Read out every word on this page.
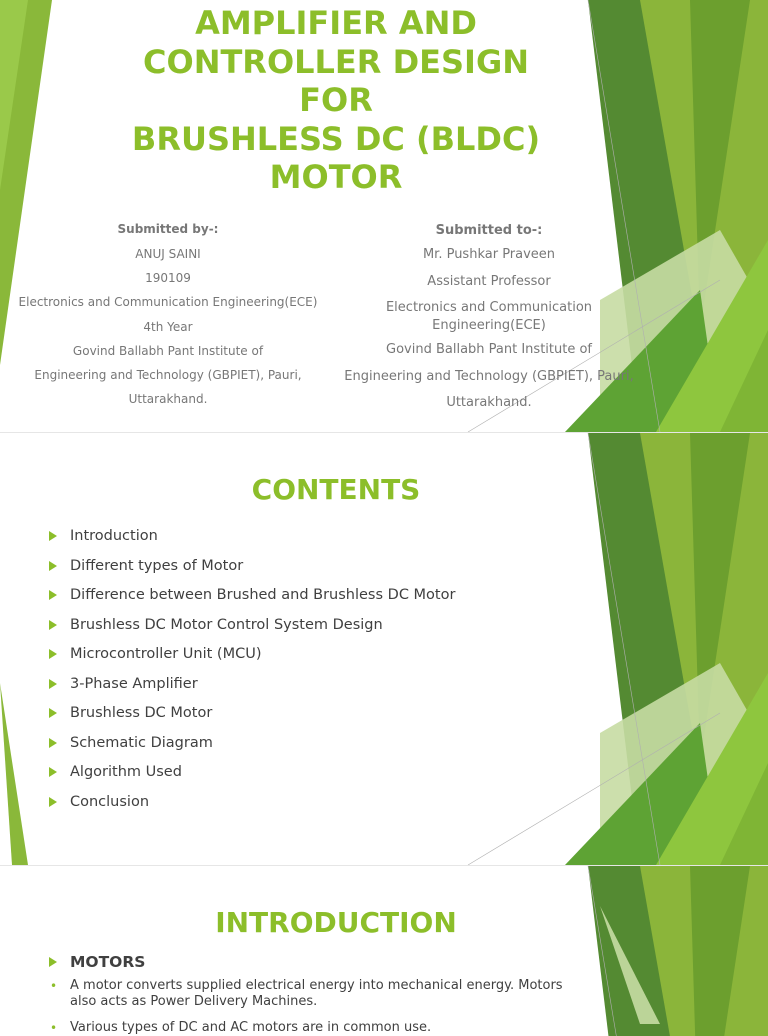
AMPLIFIER AND
CONTROLLER DESIGN
FOR
BRUSHLESS DC (BLDC)
MOTOR
Submitted by-:
ANUJ SAINI
190109
Electronics and Communication Engineering(ECE)
4th Year
Govind Ballabh Pant Institute of
Engineering and Technology (GBPIET), Pauri,
Uttarakhand.
Submitted to-:
Mr. Pushkar Praveen
Assistant Professor
Electronics and Communication Engineering(ECE)
Govind Ballabh Pant Institute of
Engineering and Technology (GBPIET), Pauri,
Uttarakhand.
CONTENTS
Introduction
Different types of Motor
Difference between Brushed and Brushless DC Motor
Brushless DC Motor Control System Design
Microcontroller Unit (MCU)
3-Phase Amplifier
Brushless DC Motor
Schematic Diagram
Algorithm Used
Conclusion
INTRODUCTION
MOTORS
• A motor converts supplied electrical energy into mechanical energy. Motors also acts as Power Delivery Machines.
• Various types of DC and AC motors are in common use.
